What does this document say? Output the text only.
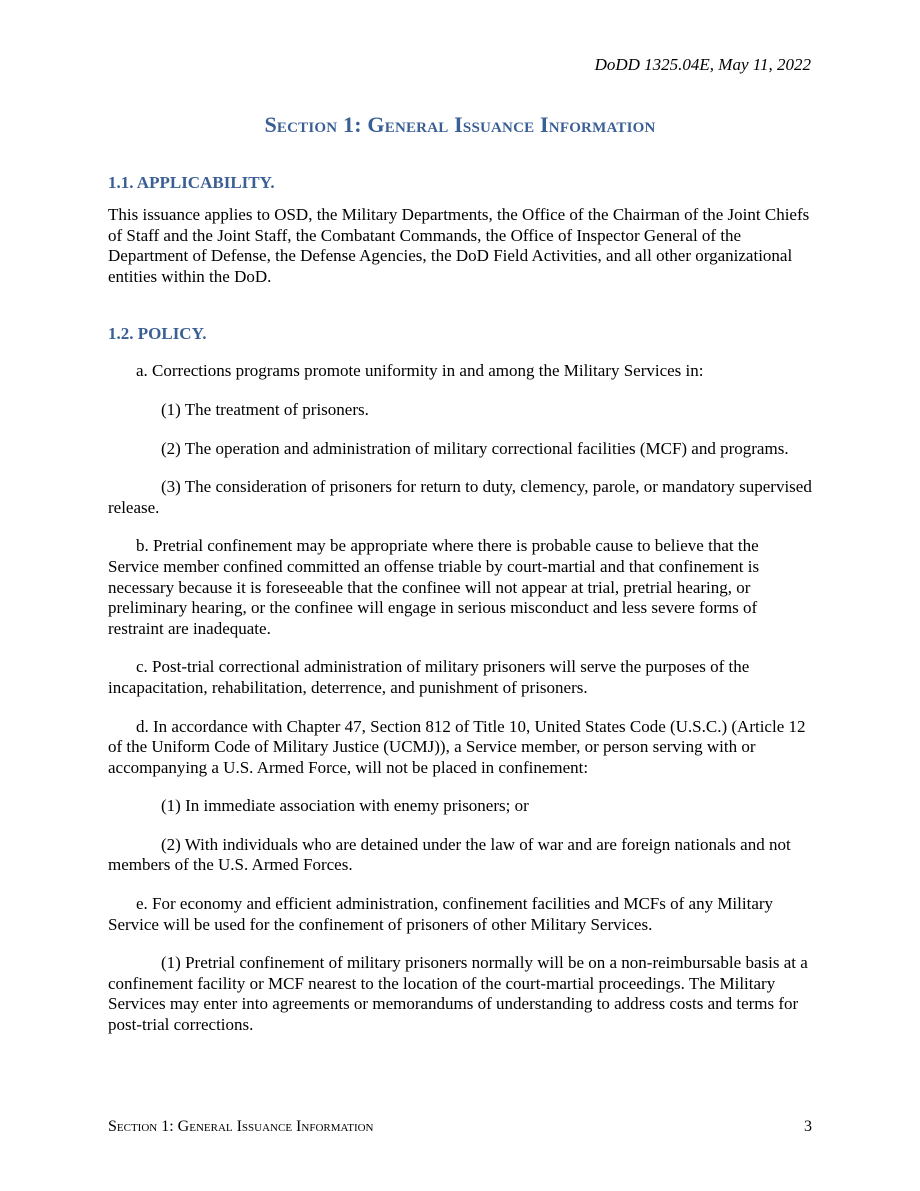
DoDD 1325.04E, May 11, 2022
Section 1: General Issuance Information

1.1. APPLICABILITY.

This issuance applies to OSD, the Military Departments, the Office of the Chairman of the Joint Chiefs of Staff and the Joint Staff, the Combatant Commands, the Office of Inspector General of the Department of Defense, the Defense Agencies, the DoD Field Activities, and all other organizational entities within the DoD.

1.2. POLICY.

a. Corrections programs promote uniformity in and among the Military Services in:

(1) The treatment of prisoners.

(2) The operation and administration of military correctional facilities (MCF) and programs.

(3) The consideration of prisoners for return to duty, clemency, parole, or mandatory supervised release.

b. Pretrial confinement may be appropriate where there is probable cause to believe that the Service member confined committed an offense triable by court-martial and that confinement is necessary because it is foreseeable that the confinee will not appear at trial, pretrial hearing, or preliminary hearing, or the confinee will engage in serious misconduct and less severe forms of restraint are inadequate.

c. Post-trial correctional administration of military prisoners will serve the purposes of the incapacitation, rehabilitation, deterrence, and punishment of prisoners.

d. In accordance with Chapter 47, Section 812 of Title 10, United States Code (U.S.C.) (Article 12 of the Uniform Code of Military Justice (UCMJ)), a Service member, or person serving with or accompanying a U.S. Armed Force, will not be placed in confinement:

(1) In immediate association with enemy prisoners; or

(2) With individuals who are detained under the law of war and are foreign nationals and not members of the U.S. Armed Forces.

e. For economy and efficient administration, confinement facilities and MCFs of any Military Service will be used for the confinement of prisoners of other Military Services.

(1) Pretrial confinement of military prisoners normally will be on a non-reimbursable basis at a confinement facility or MCF nearest to the location of the court-martial proceedings. The Military Services may enter into agreements or memorandums of understanding to address costs and terms for post-trial corrections.

Section 1: General Issuance Information	3
